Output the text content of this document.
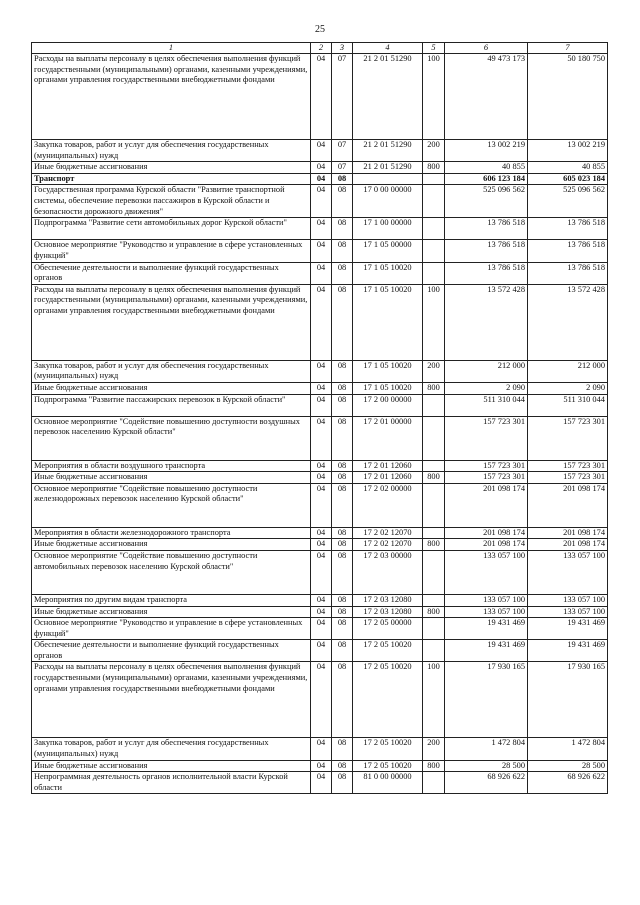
25
1	2	3	4	5	6	7
Расходы на выплаты персоналу в целях обеспечения выполнения функций государственными (муниципальными) органами, казенными учреждениями, органами управления государственными внебюджетными фондами	04	07	21 2 01 51290	100	49 473 173	50 180 750
Закупка товаров, работ и услуг для обеспечения государственных (муниципальных) нужд	04	07	21 2 01 51290	200	13 002 219	13 002 219
Иные бюджетные ассигнования	04	07	21 2 01 51290	800	40 855	40 855
Транспорт	04	08			606 123 184	605 023 184
Государственная программа Курской области "Развитие транспортной системы, обеспечение перевозки пассажиров в Курской области и безопасности дорожного движения"	04	08	17 0 00 00000		525 096 562	525 096 562
Подпрограмма "Развитие сети автомобильных дорог Курской области"	04	08	17 1 00 00000		13 786 518	13 786 518
Основное мероприятие "Руководство и управление в сфере установленных функций"	04	08	17 1 05 00000		13 786 518	13 786 518
Обеспечение деятельности и выполнение функций государственных органов	04	08	17 1 05 10020		13 786 518	13 786 518
Расходы на выплаты персоналу в целях обеспечения выполнения функций государственными (муниципальными) органами, казенными учреждениями, органами управления государственными внебюджетными фондами	04	08	17 1 05 10020	100	13 572 428	13 572 428
Закупка товаров, работ и услуг для обеспечения государственных (муниципальных) нужд	04	08	17 1 05 10020	200	212 000	212 000
Иные бюджетные ассигнования	04	08	17 1 05 10020	800	2 090	2 090
Подпрограмма "Развитие пассажирских перевозок в Курской области"	04	08	17 2 00 00000		511 310 044	511 310 044
Основное мероприятие "Содействие повышению доступности воздушных перевозок населению Курской области"	04	08	17 2 01 00000		157 723 301	157 723 301
Мероприятия в области воздушного транспорта	04	08	17 2 01 12060		157 723 301	157 723 301
Иные бюджетные ассигнования	04	08	17 2 01 12060	800	157 723 301	157 723 301
Основное мероприятие "Содействие повышению доступности железнодорожных перевозок населению Курской области"	04	08	17 2 02 00000		201 098 174	201 098 174
Мероприятия в области железнодорожного транспорта	04	08	17 2 02 12070		201 098 174	201 098 174
Иные бюджетные ассигнования	04	08	17 2 02 12070	800	201 098 174	201 098 174
Основное мероприятие "Содействие повышению доступности автомобильных перевозок населению Курской области"	04	08	17 2 03 00000		133 057 100	133 057 100
Мероприятия по другим видам транспорта	04	08	17 2 03 12080		133 057 100	133 057 100
Иные бюджетные ассигнования	04	08	17 2 03 12080	800	133 057 100	133 057 100
Основное мероприятие "Руководство и управление в сфере установленных функций"	04	08	17 2 05 00000		19 431 469	19 431 469
Обеспечение деятельности и выполнение функций государственных органов	04	08	17 2 05 10020		19 431 469	19 431 469
Расходы на выплаты персоналу в целях обеспечения выполнения функций государственными (муниципальными) органами, казенными учреждениями, органами управления государственными внебюджетными фондами	04	08	17 2 05 10020	100	17 930 165	17 930 165
Закупка товаров, работ и услуг для обеспечения государственных (муниципальных) нужд	04	08	17 2 05 10020	200	1 472 804	1 472 804
Иные бюджетные ассигнования	04	08	17 2 05 10020	800	28 500	28 500
Непрограммная деятельность органов исполнительной власти Курской области	04	08	81 0 00 00000		68 926 622	68 926 622
